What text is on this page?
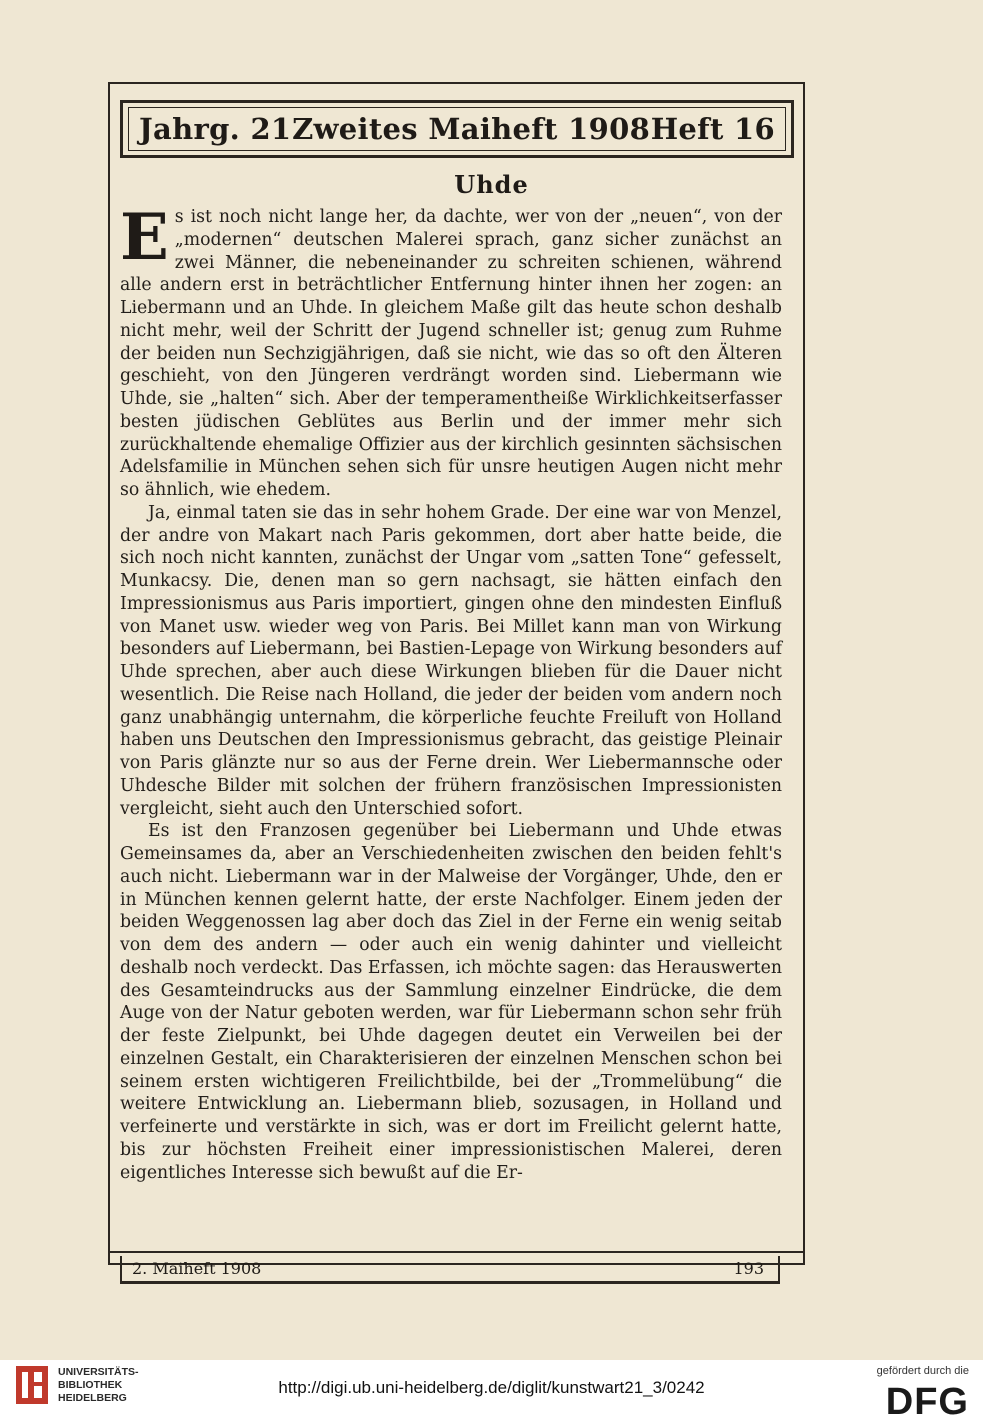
Jahrg. 21 Zweites Maiheft 1908 Heft 16
Uhde

Es ist noch nicht lange her, da dachte, wer von der „neuen“, von der „modernen“ deutschen Malerei sprach, ganz sicher zunächst an zwei Männer, die nebeneinander zu schreiten schienen, während alle andern erst in beträchtlicher Entfernung hinter ihnen her zogen: an Liebermann und an Uhde. In gleichem Maße gilt das heute schon deshalb nicht mehr, weil der Schritt der Jugend schneller ist; genug zum Ruhme der beiden nun Sechzigjährigen, daß sie nicht, wie das so oft den Älteren geschieht, von den Jüngeren verdrängt worden sind. Liebermann wie Uhde, sie „halten“ sich. Aber der temperamentheiße Wirklichkeitserfasser besten jüdischen Geblütes aus Berlin und der immer mehr sich zurückhaltende ehemalige Offizier aus der kirchlich gesinnten sächsischen Adelsfamilie in München sehen sich für unsre heutigen Augen nicht mehr so ähnlich, wie ehedem.

Ja, einmal taten sie das in sehr hohem Grade. Der eine war von Menzel, der andre von Makart nach Paris gekommen, dort aber hatte beide, die sich noch nicht kannten, zunächst der Ungar vom „satten Tone“ gefesselt, Munkacsy. Die, denen man so gern nachsagt, sie hätten einfach den Impressionismus aus Paris importiert, gingen ohne den mindesten Einfluß von Manet usw. wieder weg von Paris. Bei Millet kann man von Wirkung besonders auf Liebermann, bei Bastien-Lepage von Wirkung besonders auf Uhde sprechen, aber auch diese Wirkungen blieben für die Dauer nicht wesentlich. Die Reise nach Holland, die jeder der beiden vom andern noch ganz unabhängig unternahm, die körperliche feuchte Freiluft von Holland haben uns Deutschen den Impressionismus gebracht, das geistige Pleinair von Paris glänzte nur so aus der Ferne drein. Wer Liebermannsche oder Uhdesche Bilder mit solchen der frühern französischen Impressionisten vergleicht, sieht auch den Unterschied sofort.

Es ist den Franzosen gegenüber bei Liebermann und Uhde etwas Gemeinsames da, aber an Verschiedenheiten zwischen den beiden fehlt's auch nicht. Liebermann war in der Malweise der Vorgänger, Uhde, den er in München kennen gelernt hatte, der erste Nachfolger. Einem jeden der beiden Weggenossen lag aber doch das Ziel in der Ferne ein wenig seitab von dem des andern — oder auch ein wenig dahinter und vielleicht deshalb noch verdeckt. Das Erfassen, ich möchte sagen: das Herauswerten des Gesamteindrucks aus der Sammlung einzelner Eindrücke, die dem Auge von der Natur geboten werden, war für Liebermann schon sehr früh der feste Zielpunkt, bei Uhde dagegen deutet ein Verweilen bei der einzelnen Gestalt, ein Charakterisieren der einzelnen Menschen schon bei seinem ersten wichtigeren Freilichtbilde, bei der „Trommelübung“ die weitere Entwicklung an. Liebermann blieb, sozusagen, in Holland und verfeinerte und verstärkte in sich, was er dort im Freilicht gelernt hatte, bis zur höchsten Freiheit einer impressionistischen Malerei, deren eigentliches Interesse sich bewußt auf die Er-

2. Maiheft 1908	193
UNIVERSITÄTS-
BIBLIOTHEK
HEIDELBERG
http://digi.ub.uni-heidelberg.de/diglit/kunstwart21_3/0242
gefördert durch die
DFG
